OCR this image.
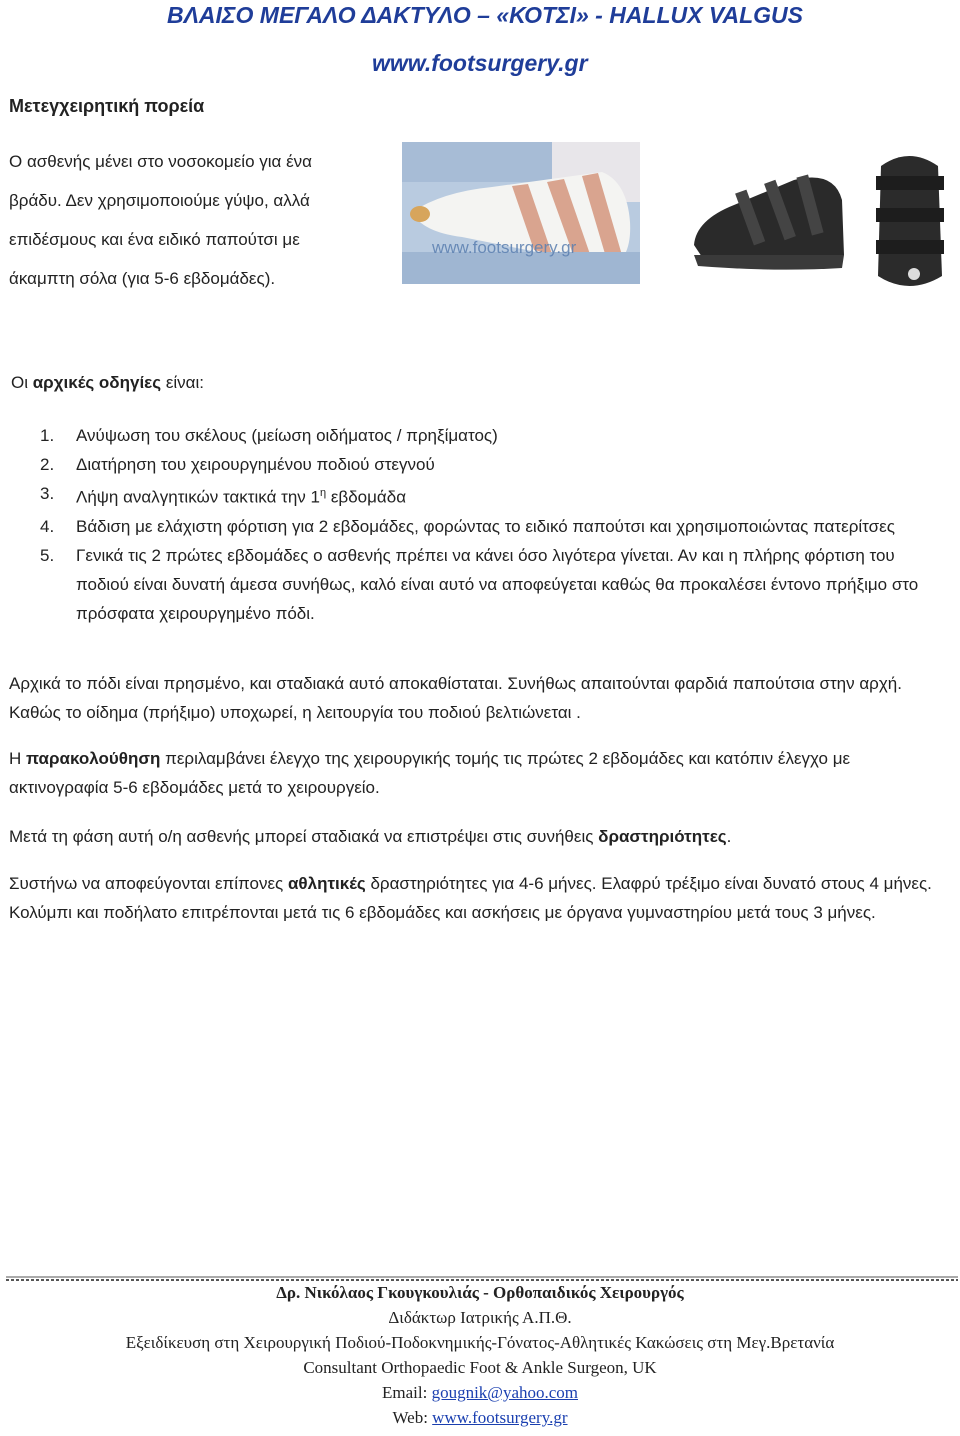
ΒΛΑΙΣΟ ΜΕΓΑΛΟ ΔΑΚΤΥΛΟ – «ΚΟΤΣΙ» - HALLUX VALGUS
www.footsurgery.gr
Μετεγχειρητική πορεία
Ο ασθενής μένει στο νοσοκομείο για ένα
βράδυ. Δεν χρησιμοποιούμε γύψο, αλλά
επιδέσμους και ένα ειδικό παπούτσι με
άκαμπτη σόλα (για 5-6 εβδομάδες).
www.footsurgery.gr
Οι αρχικές οδηγίες είναι:
1. Ανύψωση του σκέλους (μείωση οιδήματος / πρηξίματος)
2. Διατήρηση του χειρουργημένου ποδιού στεγνού
3. Λήψη αναλγητικών τακτικά την $1^\eta$ εβδομάδα
4. Βάδιση με ελάχιστη φόρτιση για 2 εβδομάδες, φορώντας το ειδικό παπούτσι και χρησιμοποιώντας πατερίτσες
5. Γενικά τις 2 πρώτες εβδομάδες ο ασθενής πρέπει να κάνει όσο λιγότερα γίνεται. Αν και η πλήρης φόρτιση του ποδιού είναι δυνατή άμεσα συνήθως, καλό είναι αυτό να αποφεύγεται καθώς θα προκαλέσει έντονο πρήξιμο στο πρόσφατα χειρουργημένο πόδι.
Αρχικά το πόδι είναι πρησμένο, και σταδιακά αυτό αποκαθίσταται. Συνήθως απαιτούνται φαρδιά παπούτσια στην αρχή. Καθώς το οίδημα (πρήξιμο) υποχωρεί, η λειτουργία του ποδιού βελτιώνεται .
Η παρακολούθηση περιλαμβάνει έλεγχο της χειρουργικής τομής τις πρώτες 2 εβδομάδες και κατόπιν έλεγχο με ακτινογραφία 5-6 εβδομάδες μετά το χειρουργείο.
Μετά τη φάση αυτή ο/η ασθενής μπορεί σταδιακά να επιστρέψει στις συνήθεις δραστηριότητες.
Συστήνω να αποφεύγονται επίπονες αθλητικές δραστηριότητες για 4-6 μήνες. Ελαφρύ τρέξιμο είναι δυνατό στους 4 μήνες. Κολύμπι και ποδήλατο επιτρέπονται μετά τις 6 εβδομάδες και ασκήσεις με όργανα γυμναστηρίου μετά τους 3 μήνες.
Δρ. Νικόλαος Γκουγκουλιάς - Ορθοπαιδικός Χειρουργός
Διδάκτωρ Ιατρικής Α.Π.Θ.
Εξειδίκευση στη Χειρουργική Ποδιού-Ποδοκνημικής-Γόνατος-Αθλητικές Κακώσεις στη Μεγ.Βρετανία
Consultant Orthopaedic Foot & Ankle Surgeon, UK
Email: gougnik@yahoo.com
Web: www.footsurgery.gr
